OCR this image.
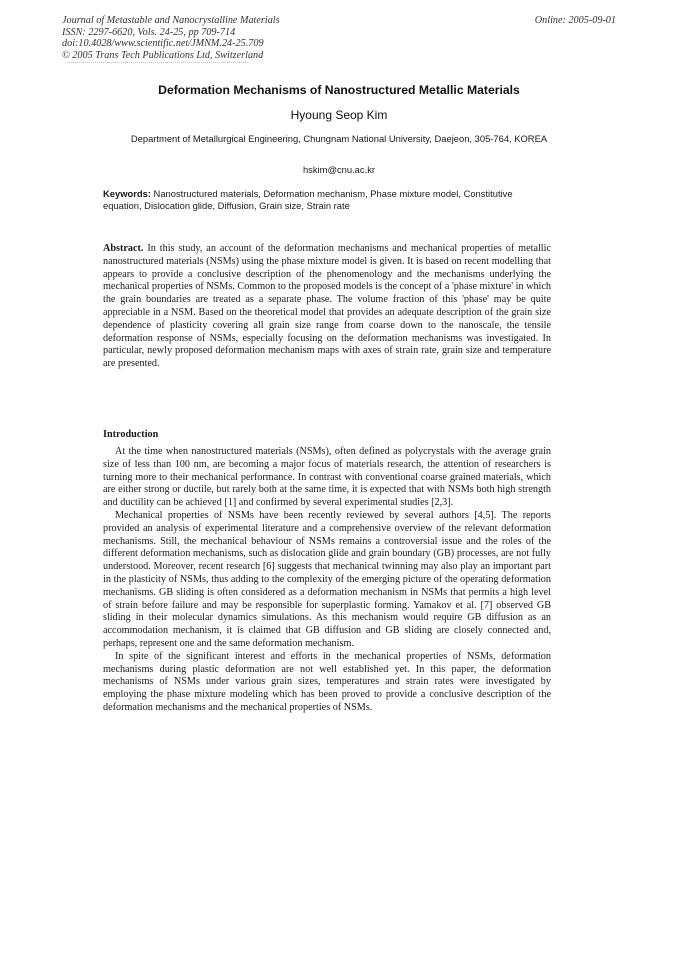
Journal of Metastable and Nanocrystalline Materials
ISSN: 2297-6620, Vols. 24-25, pp 709-714
doi:10.4028/www.scientific.net/JMNM.24-25.709
© 2005 Trans Tech Publications Ltd, Switzerland
Online: 2005-09-01
Deformation Mechanisms of Nanostructured Metallic Materials
Hyoung Seop Kim
Department of Metallurgical Engineering, Chungnam National University, Daejeon, 305-764, KOREA
hskim@cnu.ac.kr
Keywords: Nanostructured materials, Deformation mechanism, Phase mixture model, Constitutive equation, Dislocation glide, Diffusion, Grain size, Strain rate
Abstract. In this study, an account of the deformation mechanisms and mechanical properties of metallic nanostructured materials (NSMs) using the phase mixture model is given. It is based on recent modelling that appears to provide a conclusive description of the phenomenology and the mechanisms underlying the mechanical properties of NSMs. Common to the proposed models is the concept of a 'phase mixture' in which the grain boundaries are treated as a separate phase. The volume fraction of this 'phase' may be quite appreciable in a NSM. Based on the theoretical model that provides an adequate description of the grain size dependence of plasticity covering all grain size range from coarse down to the nanoscale, the tensile deformation response of NSMs, especially focusing on the deformation mechanisms was investigated. In particular, newly proposed deformation mechanism maps with axes of strain rate, grain size and temperature are presented.
Introduction

At the time when nanostructured materials (NSMs), often defined as polycrystals with the average grain size of less than 100 nm, are becoming a major focus of materials research, the attention of researchers is turning more to their mechanical performance. In contrast with conventional coarse grained materials, which are either strong or ductile, but rarely both at the same time, it is expected that with NSMs both high strength and ductility can be achieved [1] and confirmed by several experimental studies [2,3].

Mechanical properties of NSMs have been recently reviewed by several authors [4,5]. The reports provided an analysis of experimental literature and a comprehensive overview of the relevant deformation mechanisms. Still, the mechanical behaviour of NSMs remains a controversial issue and the roles of the different deformation mechanisms, such as dislocation glide and grain boundary (GB) processes, are not fully understood. Moreover, recent research [6] suggests that mechanical twinning may also play an important part in the plasticity of NSMs, thus adding to the complexity of the emerging picture of the operating deformation mechanisms. GB sliding is often considered as a deformation mechanism in NSMs that permits a high level of strain before failure and may be responsible for superplastic forming. Yamakov et al. [7] observed GB sliding in their molecular dynamics simulations. As this mechanism would require GB diffusion as an accommodation mechanism, it is claimed that GB diffusion and GB sliding are closely connected and, perhaps, represent one and the same deformation mechanism.

In spite of the significant interest and efforts in the mechanical properties of NSMs, deformation mechanisms during plastic deformation are not well established yet. In this paper, the deformation mechanisms of NSMs under various grain sizes, temperatures and strain rates were investigated by employing the phase mixture modeling which has been proved to provide a conclusive description of the deformation mechanisms and the mechanical properties of NSMs.
